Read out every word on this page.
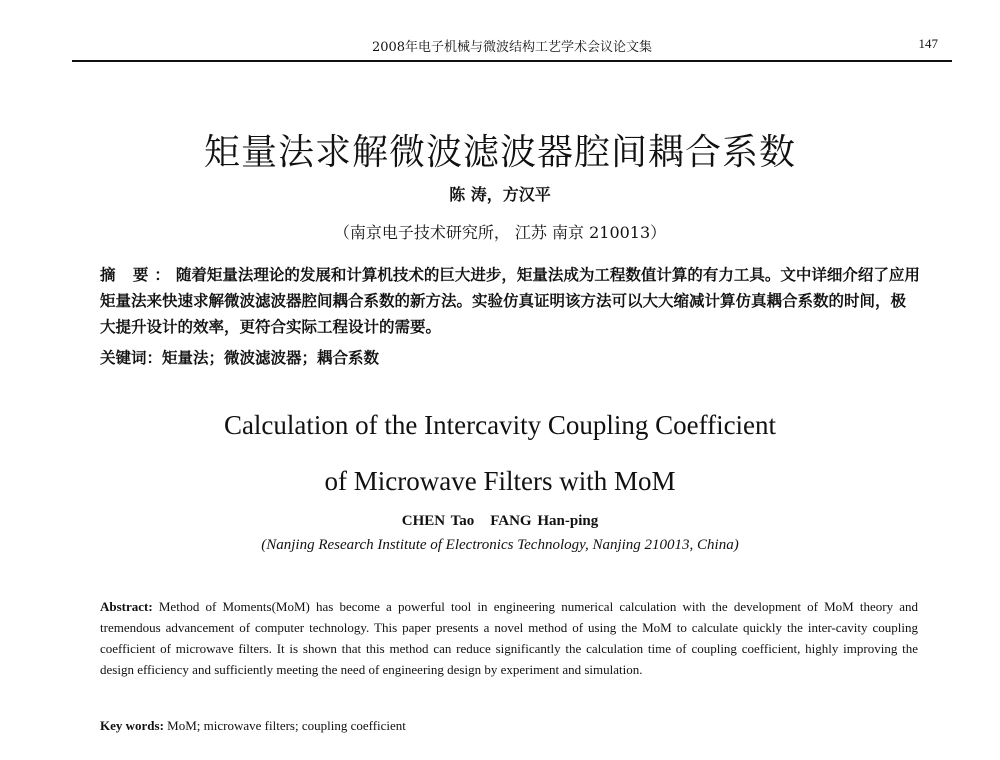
2008年电子机械与微波结构工艺学术会议论文集	147
矩量法求解微波滤波器腔间耦合系数
陈 涛，方汉平
（南京电子技术研究所， 江苏 南京 210013）
摘 要：随着矩量法理论的发展和计算机技术的巨大进步，矩量法成为工程数值计算的有力工具。文中详细介绍了应用矩量法来快速求解微波滤波器腔间耦合系数的新方法。实验仿真证明该方法可以大大缩减计算仿真耦合系数的时间，极大提升设计的效率，更符合实际工程设计的需要。
关键词：矩量法；微波滤波器；耦合系数
Calculation of the Intercavity Coupling Coefficient
of Microwave Filters with MoM
CHEN Tao FANG Han-ping
(Nanjing Research Institute of Electronics Technology, Nanjing 210013, China)
Abstract: Method of Moments(MoM) has become a powerful tool in engineering numerical calculation with the development of MoM theory and tremendous advancement of computer technology. This paper presents a novel method of using the MoM to calculate quickly the inter-cavity coupling coefficient of microwave filters. It is shown that this method can reduce significantly the calculation time of coupling coefficient, highly improving the design efficiency and sufficiently meeting the need of engineering design by experiment and simulation.
Key words: MoM; microwave filters; coupling coefficient
